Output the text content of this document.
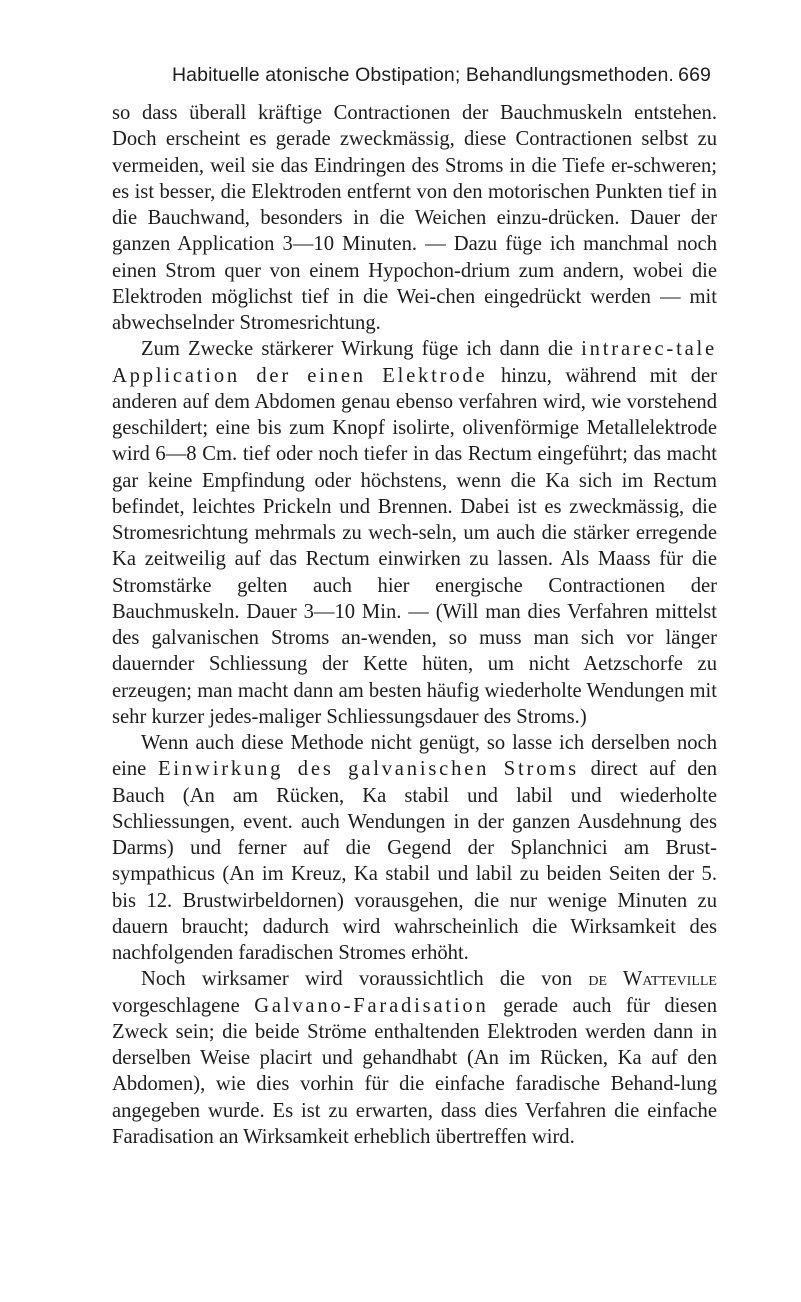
Habituelle atonische Obstipation; Behandlungsmethoden. 669

so dass überall kräftige Contractionen der Bauchmuskeln entstehen. Doch erscheint es gerade zweckmässig, diese Contractionen selbst zu vermeiden, weil sie das Eindringen des Stroms in die Tiefe er-schweren; es ist besser, die Elektroden entfernt von den motorischen Punkten tief in die Bauchwand, besonders in die Weichen einzu-drücken. Dauer der ganzen Application 3—10 Minuten. — Dazu füge ich manchmal noch einen Strom quer von einem Hypochon-drium zum andern, wobei die Elektroden möglichst tief in die Wei-chen eingedrückt werden — mit abwechselnder Stromesrichtung.

Zum Zwecke stärkerer Wirkung füge ich dann die intrarec-tale Application der einen Elektrode hinzu, während mit der anderen auf dem Abdomen genau ebenso verfahren wird, wie vorstehend geschildert; eine bis zum Knopf isolirte, olivenförmige Metallelektrode wird 6—8 Cm. tief oder noch tiefer in das Rectum eingeführt; das macht gar keine Empfindung oder höchstens, wenn die Ka sich im Rectum befindet, leichtes Prickeln und Brennen. Dabei ist es zweckmässig, die Stromesrichtung mehrmals zu wech-seln, um auch die stärker erregende Ka zeitweilig auf das Rectum einwirken zu lassen. Als Maass für die Stromstärke gelten auch hier energische Contractionen der Bauchmuskeln. Dauer 3—10 Min. — (Will man dies Verfahren mittelst des galvanischen Stroms an-wenden, so muss man sich vor länger dauernder Schliessung der Kette hüten, um nicht Aetzschorfe zu erzeugen; man macht dann am besten häufig wiederholte Wendungen mit sehr kurzer jedes-maliger Schliessungsdauer des Stroms.)

Wenn auch diese Methode nicht genügt, so lasse ich derselben noch eine Einwirkung des galvanischen Stroms direct auf den Bauch (An am Rücken, Ka stabil und labil und wiederholte Schliessungen, event. auch Wendungen in der ganzen Ausdehnung des Darms) und ferner auf die Gegend der Splanchnici am Brust-sympathicus (An im Kreuz, Ka stabil und labil zu beiden Seiten der 5. bis 12. Brustwirbeldornen) vorausgehen, die nur wenige Minuten zu dauern braucht; dadurch wird wahrscheinlich die Wirksamkeit des nachfolgenden faradischen Stromes erhöht.

Noch wirksamer wird voraussichtlich die von de Watteville vorgeschlagene Galvano-Faradisation gerade auch für diesen Zweck sein; die beide Ströme enthaltenden Elektroden werden dann in derselben Weise placirt und gehandhabt (An im Rücken, Ka auf den Abdomen), wie dies vorhin für die einfache faradische Behand-lung angegeben wurde. Es ist zu erwarten, dass dies Verfahren die einfache Faradisation an Wirksamkeit erheblich übertreffen wird.
